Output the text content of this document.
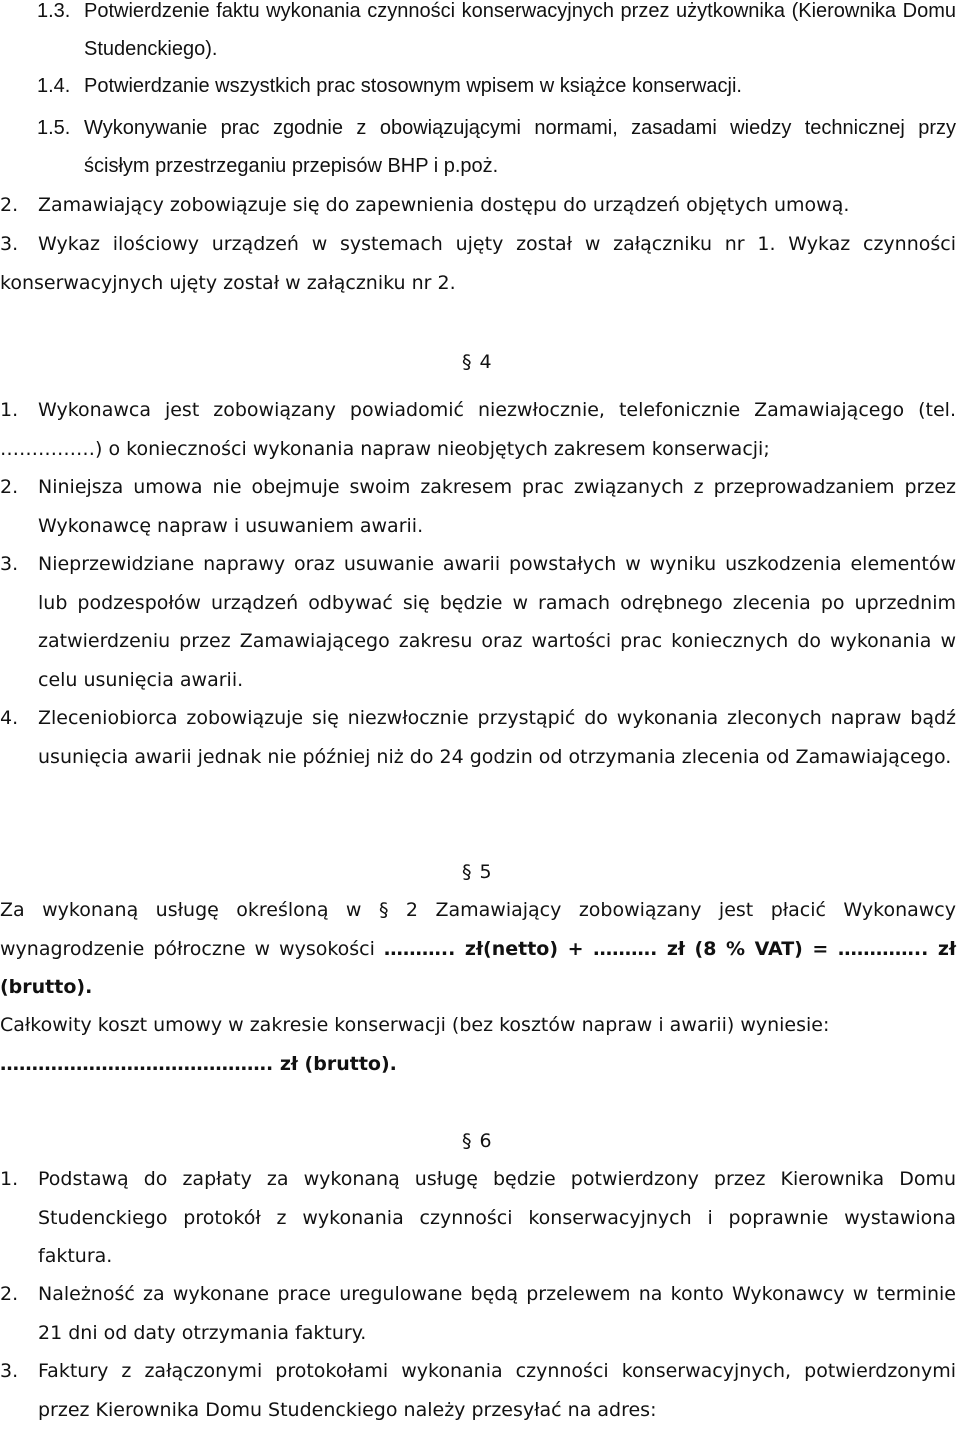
1.3. Potwierdzenie faktu wykonania czynności konserwacyjnych przez użytkownika (Kierownika Domu Studenckiego).
1.4. Potwierdzanie wszystkich prac stosownym wpisem w książce konserwacji.
1.5. Wykonywanie prac zgodnie z obowiązującymi normami, zasadami wiedzy technicznej przy ścisłym przestrzeganiu przepisów BHP i p.poż.
2. Zamawiający zobowiązuje się do zapewnienia dostępu do urządzeń objętych umową.
3.	Wykaz ilościowy urządzeń w systemach ujęty został w załączniku nr 1. Wykaz czynności konserwacyjnych ujęty został w załączniku nr 2.
§ 4
1.	Wykonawca jest zobowiązany powiadomić niezwłocznie, telefonicznie Zamawiającego (tel. ……………) o konieczności wykonania napraw nieobjętych zakresem konserwacji;
2. Niniejsza umowa nie obejmuje swoim zakresem prac związanych z przeprowadzaniem przez Wykonawcę napraw i usuwaniem awarii.
3. Nieprzewidziane naprawy oraz usuwanie awarii powstałych w wyniku uszkodzenia elementów lub podzespołów urządzeń odbywać się będzie w ramach odrębnego zlecenia po uprzednim zatwierdzeniu przez Zamawiającego zakresu oraz wartości prac koniecznych do wykonania w celu usunięcia awarii.
4. Zleceniobiorca zobowiązuje się niezwłocznie przystąpić do wykonania zleconych napraw bądź usunięcia awarii jednak nie później niż do 24 godzin od otrzymania zlecenia od Zamawiającego.
§ 5
Za wykonaną usługę określoną w § 2 Zamawiający zobowiązany jest płacić Wykonawcy wynagrodzenie półroczne w wysokości ……….. zł(netto) + ………. zł (8 % VAT) = ………….. zł (brutto).
Całkowity koszt umowy w zakresie konserwacji (bez kosztów napraw i awarii) wyniesie:
……………………………………. zł (brutto).
§ 6
1. Podstawą do zapłaty za wykonaną usługę będzie potwierdzony przez Kierownika Domu Studenckiego protokół z wykonania czynności konserwacyjnych i poprawnie wystawiona faktura.
2. Należność za wykonane prace uregulowane będą przelewem na konto Wykonawcy w terminie 21 dni od daty otrzymania faktury.
3. Faktury z załączonymi protokołami wykonania czynności konserwacyjnych, potwierdzonymi przez Kierownika Domu Studenckiego należy przesyłać na adres:
